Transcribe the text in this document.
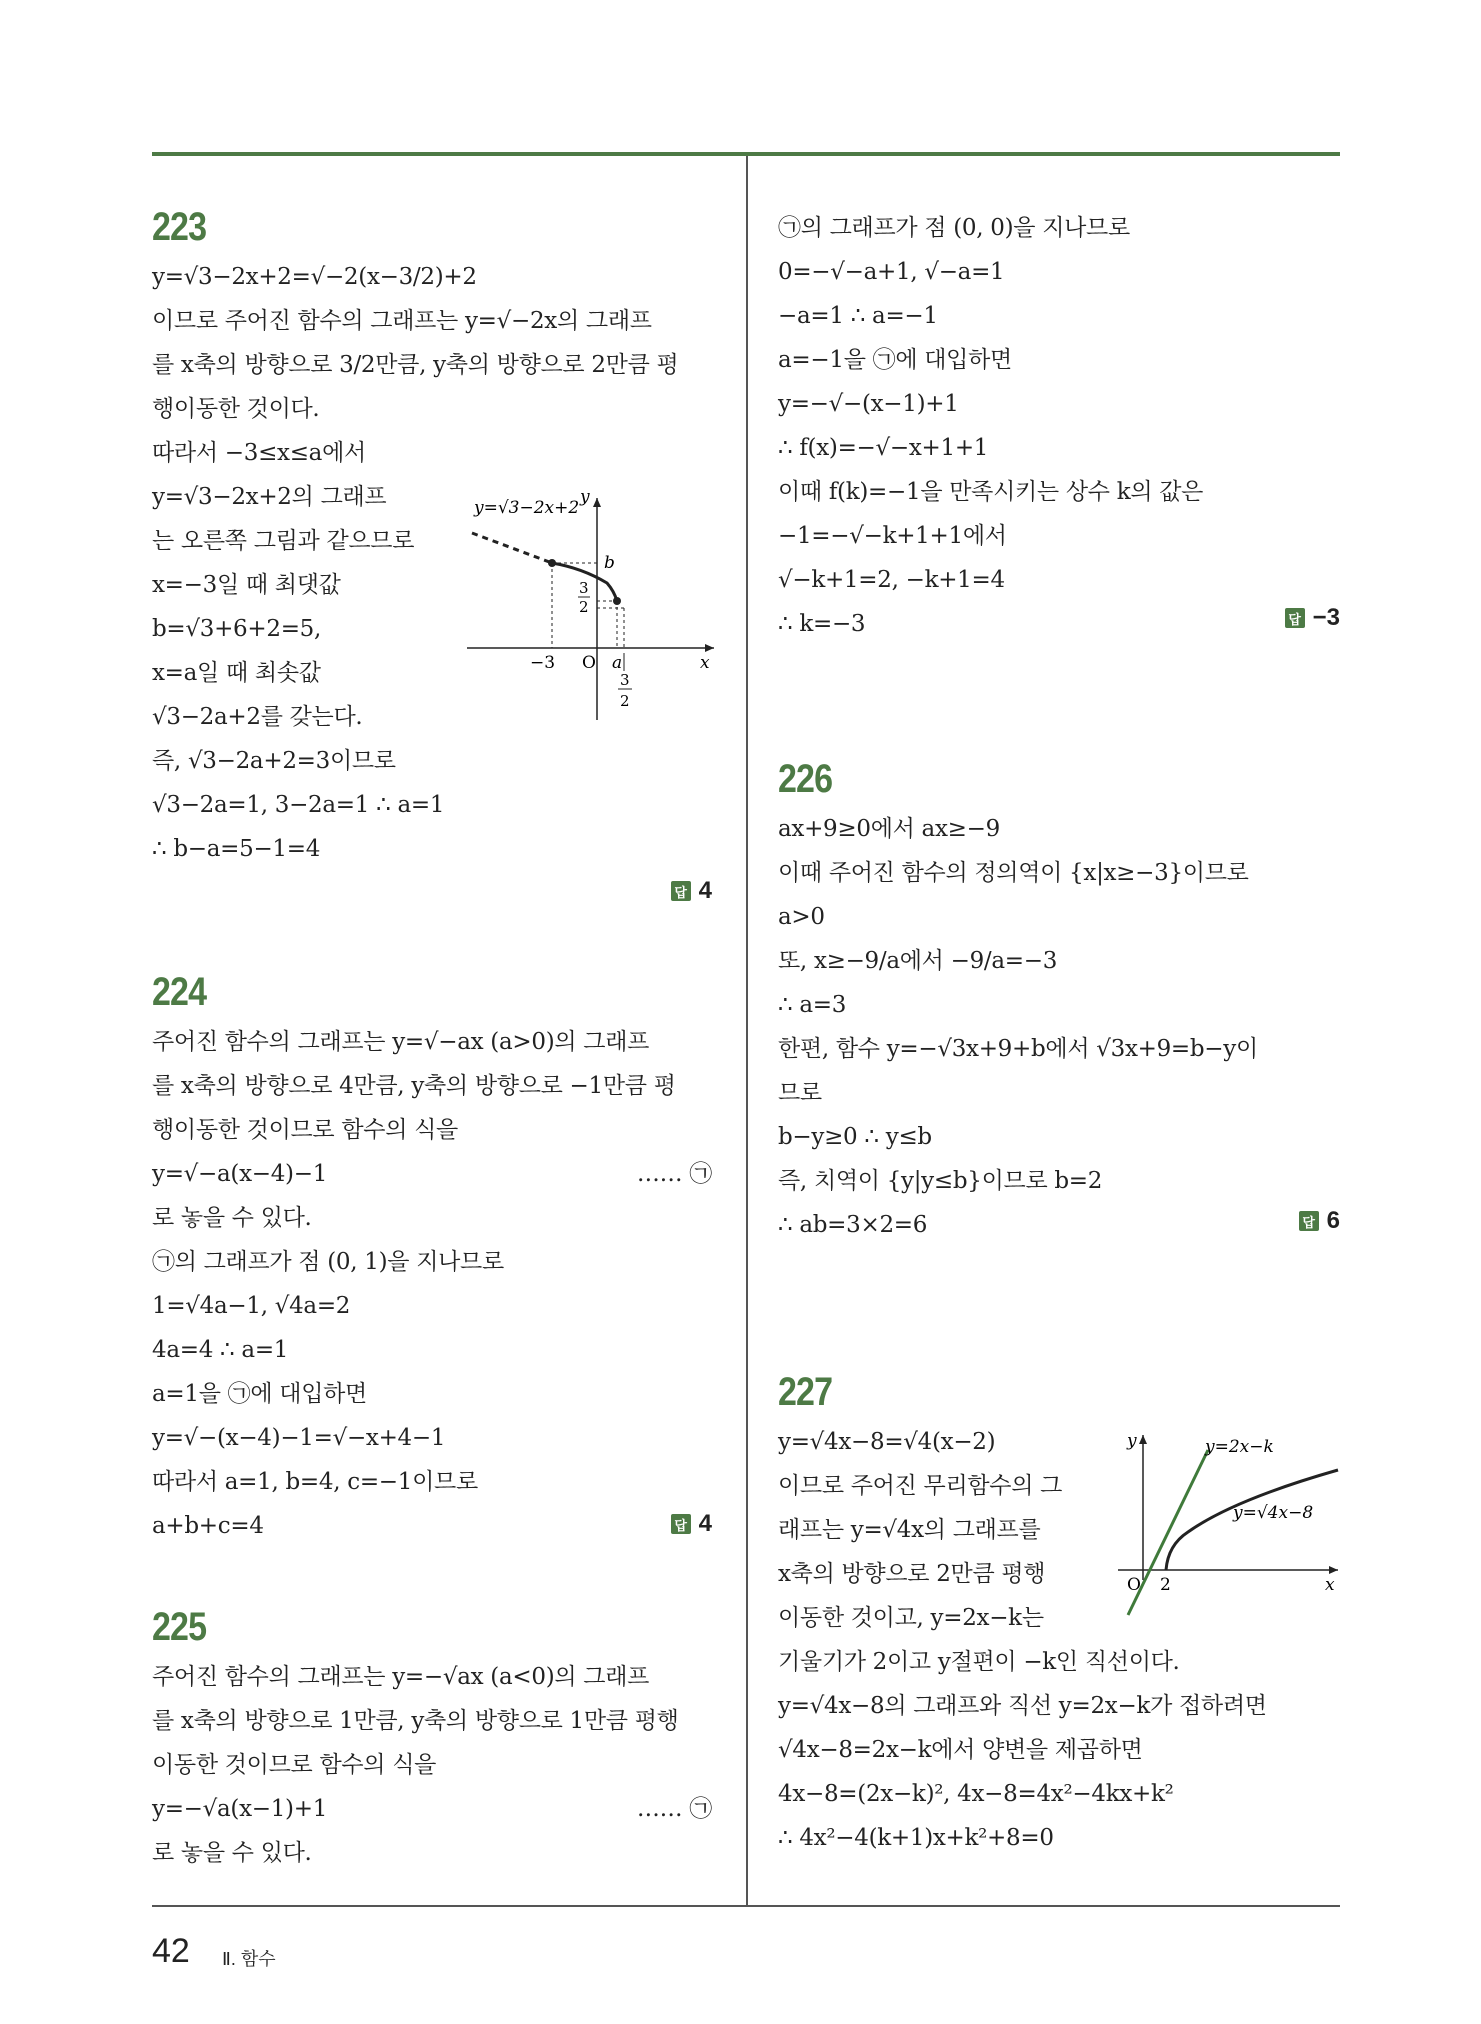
223
y=√3−2x+2=√−2(x−3/2)+2
이므로 주어진 함수의 그래프는 y=√−2x의 그래프
를 x축의 방향으로 3/2만큼, y축의 방향으로 2만큼 평
행이동한 것이다.
따라서 −3≤x≤a에서
y=√3−2x+2의 그래프
는 오른쪽 그림과 같으므로
x=−3일 때 최댓값
b=√3+6+2=5,
x=a일 때 최솟값
√3−2a+2를 갖는다.
즉, √3−2a+2=3이므로
√3−2a=1, 3−2a=1 ∴ a=1
∴ b−a=5−1=4
답 4
y=√3−2x+2
y
x
O
−3
b
a
3
2
3
2
224
주어진 함수의 그래프는 y=√−ax (a>0)의 그래프
를 x축의 방향으로 4만큼, y축의 방향으로 −1만큼 평
행이동한 것이므로 함수의 식을
y=√−a(x−4)−1	…… ㉠
로 놓을 수 있다.
㉠의 그래프가 점 (0, 1)을 지나므로
1=√4a−1, √4a=2
4a=4 ∴ a=1
a=1을 ㉠에 대입하면
y=√−(x−4)−1=√−x+4−1
따라서 a=1, b=4, c=−1이므로
a+b+c=4	답 4
225
주어진 함수의 그래프는 y=−√ax (a<0)의 그래프
를 x축의 방향으로 1만큼, y축의 방향으로 1만큼 평행
이동한 것이므로 함수의 식을
y=−√a(x−1)+1	…… ㉠
로 놓을 수 있다.
㉠의 그래프가 점 (0, 0)을 지나므로
0=−√−a+1, √−a=1
−a=1 ∴ a=−1
a=−1을 ㉠에 대입하면
y=−√−(x−1)+1
∴ f(x)=−√−x+1+1
이때 f(k)=−1을 만족시키는 상수 k의 값은
−1=−√−k+1+1에서
√−k+1=2, −k+1=4
∴ k=−3	답 −3
226
ax+9≥0에서 ax≥−9
이때 주어진 함수의 정의역이 {x|x≥−3}이므로
a>0
또, x≥−9/a에서 −9/a=−3
∴ a=3
한편, 함수 y=−√3x+9+b에서 √3x+9=b−y이
므로
b−y≥0 ∴ y≤b
즉, 치역이 {y|y≤b}이므로 b=2
∴ ab=3×2=6	답 6
227
y=√4x−8=√4(x−2)
이므로 주어진 무리함수의 그
래프는 y=√4x의 그래프를
x축의 방향으로 2만큼 평행
이동한 것이고, y=2x−k는
기울기가 2이고 y절편이 −k인 직선이다.
y=√4x−8의 그래프와 직선 y=2x−k가 접하려면
√4x−8=2x−k에서 양변을 제곱하면
4x−8=(2x−k)², 4x−8=4x²−4kx+k²
∴ 4x²−4(k+1)x+k²+8=0
y
x
O 2
y=2x−k
y=√4x−8
42 Ⅱ. 함수
